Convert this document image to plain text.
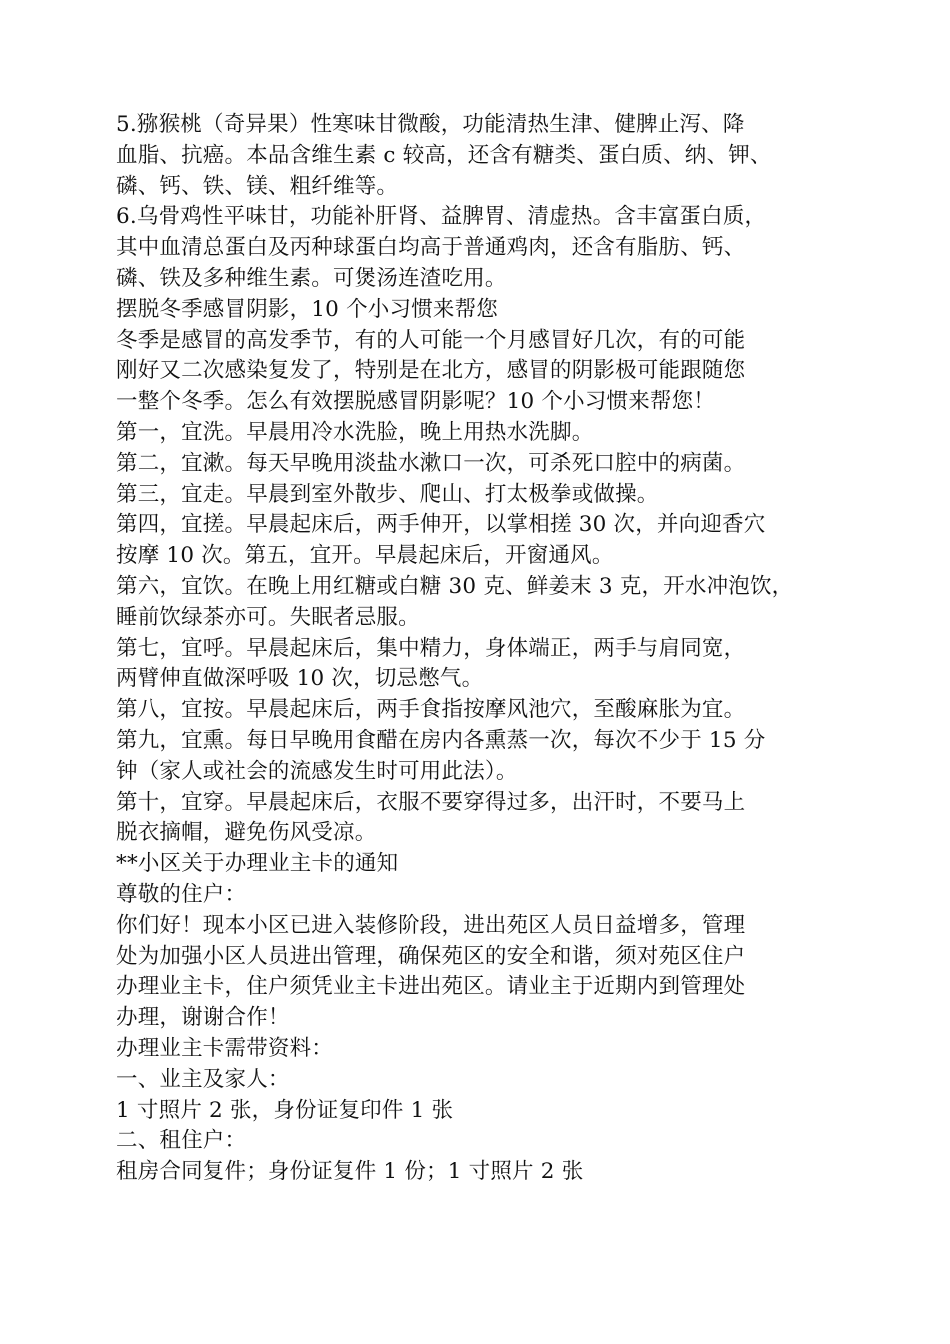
5.猕猴桃（奇异果）性寒味甘微酸，功能清热生津、健脾止泻、降
血脂、抗癌。本品含维生素 c 较高，还含有糖类、蛋白质、纳、钾、
磷、钙、铁、镁、粗纤维等。
6.乌骨鸡性平味甘，功能补肝肾、益脾胃、清虚热。含丰富蛋白质，
其中血清总蛋白及丙种球蛋白均高于普通鸡肉，还含有脂肪、钙、
磷、铁及多种维生素。可煲汤连渣吃用。
摆脱冬季感冒阴影，10 个小习惯来帮您
冬季是感冒的高发季节，有的人可能一个月感冒好几次，有的可能
刚好又二次感染复发了，特别是在北方，感冒的阴影极可能跟随您
一整个冬季。怎么有效摆脱感冒阴影呢？10 个小习惯来帮您！
第一，宜洗。早晨用冷水洗脸，晚上用热水洗脚。
第二，宜漱。每天早晚用淡盐水漱口一次，可杀死口腔中的病菌。
第三，宜走。早晨到室外散步、爬山、打太极拳或做操。
第四，宜搓。早晨起床后，两手伸开，以掌相搓 30 次，并向迎香穴
按摩 10 次。第五，宜开。早晨起床后，开窗通风。
第六，宜饮。在晚上用红糖或白糖 30 克、鲜姜末 3 克，开水冲泡饮，
睡前饮绿茶亦可。失眠者忌服。
第七，宜呼。早晨起床后，集中精力，身体端正，两手与肩同宽，
两臂伸直做深呼吸 10 次，切忌憋气。
第八，宜按。早晨起床后，两手食指按摩风池穴，至酸麻胀为宜。
第九，宜熏。每日早晚用食醋在房内各熏蒸一次，每次不少于 15 分
钟（家人或社会的流感发生时可用此法）。
第十，宜穿。早晨起床后，衣服不要穿得过多，出汗时，不要马上
脱衣摘帽，避免伤风受凉。
**小区关于办理业主卡的通知
尊敬的住户：
你们好！现本小区已进入装修阶段，进出苑区人员日益增多，管理
处为加强小区人员进出管理，确保苑区的安全和谐，须对苑区住户
办理业主卡，住户须凭业主卡进出苑区。请业主于近期内到管理处
办理，谢谢合作！
办理业主卡需带资料：
一、业主及家人：
1 寸照片 2 张，身份证复印件 1 张
二、租住户：
租房合同复件；身份证复件 1 份；1 寸照片 2 张
